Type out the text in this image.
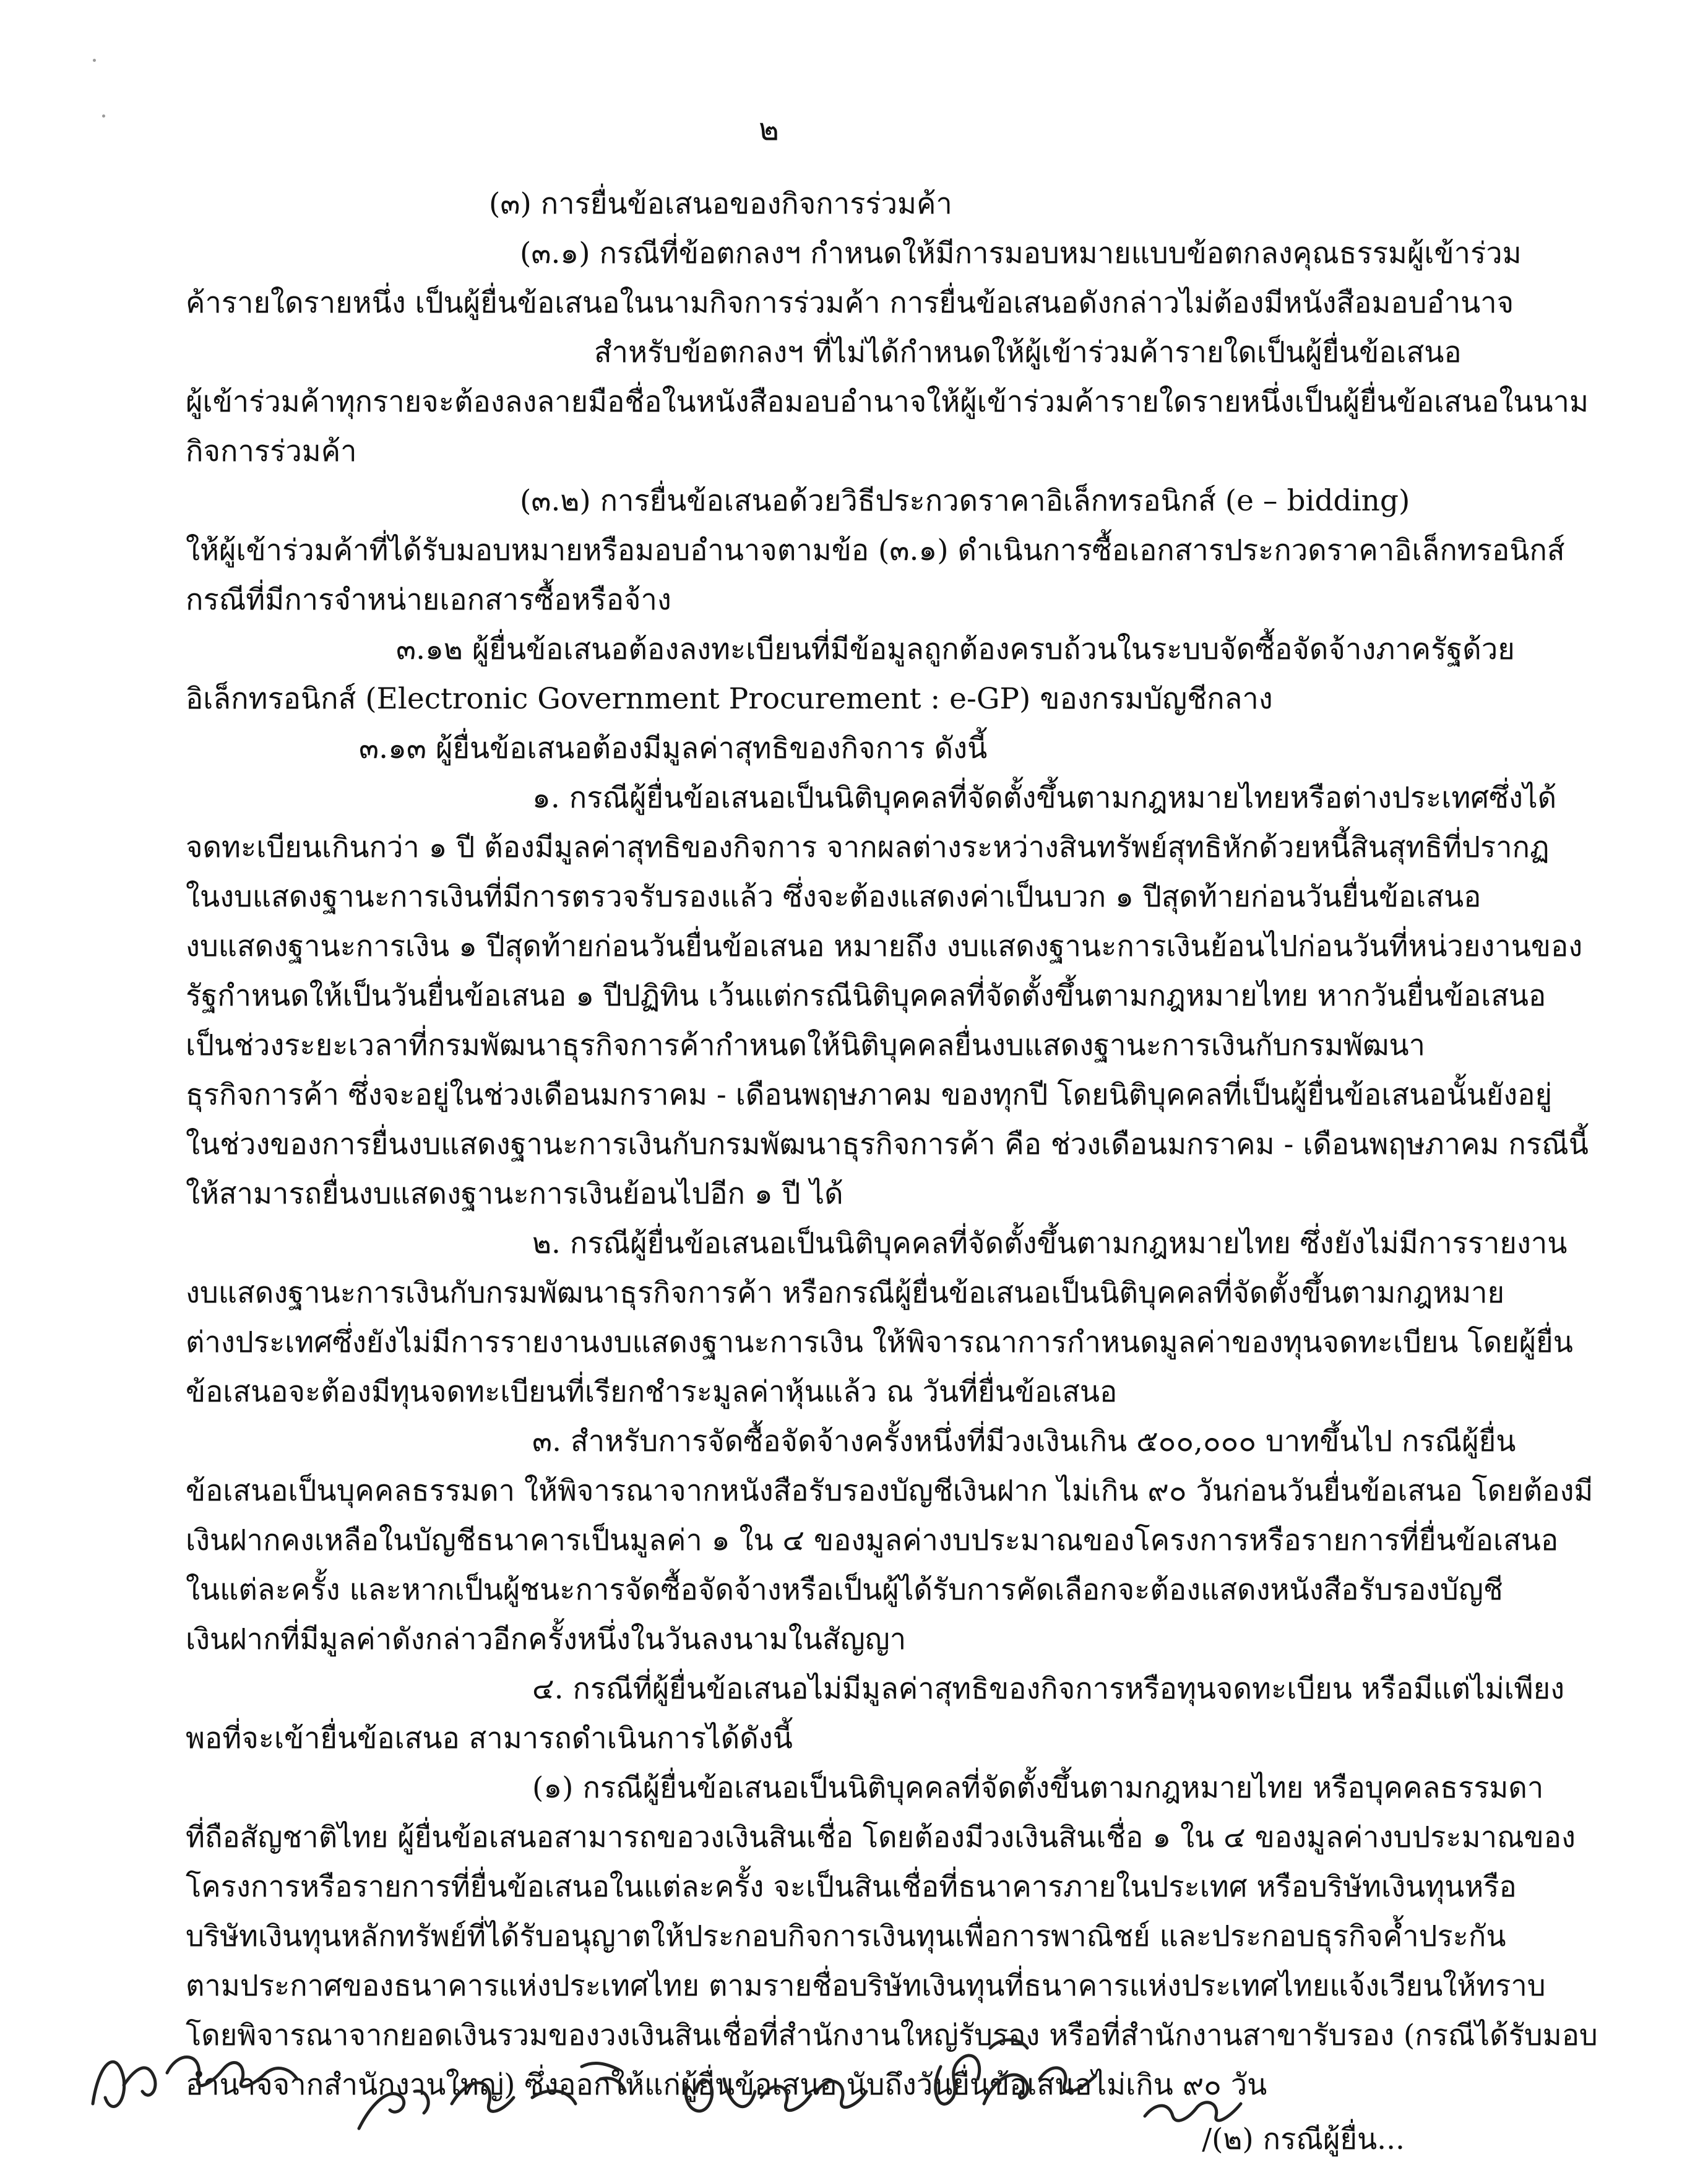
๒
(๓) การยื่นข้อเสนอของกิจการร่วมค้า
(๓.๑) กรณีที่ข้อตกลงฯ กำหนดให้มีการมอบหมายแบบข้อตกลงคุณธรรมผู้เข้าร่วม
ค้ารายใดรายหนึ่ง เป็นผู้ยื่นข้อเสนอในนามกิจการร่วมค้า การยื่นข้อเสนอดังกล่าวไม่ต้องมีหนังสือมอบอำนาจ
สำหรับข้อตกลงฯ ที่ไม่ได้กำหนดให้ผู้เข้าร่วมค้ารายใดเป็นผู้ยื่นข้อเสนอ
ผู้เข้าร่วมค้าทุกรายจะต้องลงลายมือชื่อในหนังสือมอบอำนาจให้ผู้เข้าร่วมค้ารายใดรายหนึ่งเป็นผู้ยื่นข้อเสนอในนาม
กิจการร่วมค้า
(๓.๒) การยื่นข้อเสนอด้วยวิธีประกวดราคาอิเล็กทรอนิกส์ (e – bidding)
ให้ผู้เข้าร่วมค้าที่ได้รับมอบหมายหรือมอบอำนาจตามข้อ (๓.๑) ดำเนินการซื้อเอกสารประกวดราคาอิเล็กทรอนิกส์
กรณีที่มีการจำหน่ายเอกสารซื้อหรือจ้าง
๓.๑๒ ผู้ยื่นข้อเสนอต้องลงทะเบียนที่มีข้อมูลถูกต้องครบถ้วนในระบบจัดซื้อจัดจ้างภาครัฐด้วย
อิเล็กทรอนิกส์ (Electronic Government Procurement : e-GP) ของกรมบัญชีกลาง
๓.๑๓ ผู้ยื่นข้อเสนอต้องมีมูลค่าสุทธิของกิจการ ดังนี้
๑. กรณีผู้ยื่นข้อเสนอเป็นนิติบุคคลที่จัดตั้งขึ้นตามกฎหมายไทยหรือต่างประเทศซึ่งได้
จดทะเบียนเกินกว่า ๑ ปี ต้องมีมูลค่าสุทธิของกิจการ จากผลต่างระหว่างสินทรัพย์สุทธิหักด้วยหนี้สินสุทธิที่ปรากฏ
ในงบแสดงฐานะการเงินที่มีการตรวจรับรองแล้ว ซึ่งจะต้องแสดงค่าเป็นบวก ๑ ปีสุดท้ายก่อนวันยื่นข้อเสนอ
งบแสดงฐานะการเงิน ๑ ปีสุดท้ายก่อนวันยื่นข้อเสนอ หมายถึง งบแสดงฐานะการเงินย้อนไปก่อนวันที่หน่วยงานของ
รัฐกำหนดให้เป็นวันยื่นข้อเสนอ ๑ ปีปฏิทิน เว้นแต่กรณีนิติบุคคลที่จัดตั้งขึ้นตามกฎหมายไทย หากวันยื่นข้อเสนอ
เป็นช่วงระยะเวลาที่กรมพัฒนาธุรกิจการค้ากำหนดให้นิติบุคคลยื่นงบแสดงฐานะการเงินกับกรมพัฒนา
ธุรกิจการค้า ซึ่งจะอยู่ในช่วงเดือนมกราคม - เดือนพฤษภาคม ของทุกปี โดยนิติบุคคลที่เป็นผู้ยื่นข้อเสนอนั้นยังอยู่
ในช่วงของการยื่นงบแสดงฐานะการเงินกับกรมพัฒนาธุรกิจการค้า คือ ช่วงเดือนมกราคม - เดือนพฤษภาคม กรณีนี้
ให้สามารถยื่นงบแสดงฐานะการเงินย้อนไปอีก ๑ ปี ได้
๒. กรณีผู้ยื่นข้อเสนอเป็นนิติบุคคลที่จัดตั้งขึ้นตามกฎหมายไทย ซึ่งยังไม่มีการรายงาน
งบแสดงฐานะการเงินกับกรมพัฒนาธุรกิจการค้า หรือกรณีผู้ยื่นข้อเสนอเป็นนิติบุคคลที่จัดตั้งขึ้นตามกฎหมาย
ต่างประเทศซึ่งยังไม่มีการรายงานงบแสดงฐานะการเงิน ให้พิจารณาการกำหนดมูลค่าของทุนจดทะเบียน โดยผู้ยื่น
ข้อเสนอจะต้องมีทุนจดทะเบียนที่เรียกชำระมูลค่าหุ้นแล้ว ณ วันที่ยื่นข้อเสนอ
๓. สำหรับการจัดซื้อจัดจ้างครั้งหนึ่งที่มีวงเงินเกิน ๕๐๐,๐๐๐ บาทขึ้นไป กรณีผู้ยื่น
ข้อเสนอเป็นบุคคลธรรมดา ให้พิจารณาจากหนังสือรับรองบัญชีเงินฝาก ไม่เกิน ๙๐ วันก่อนวันยื่นข้อเสนอ โดยต้องมี
เงินฝากคงเหลือในบัญชีธนาคารเป็นมูลค่า ๑ ใน ๔ ของมูลค่างบประมาณของโครงการหรือรายการที่ยื่นข้อเสนอ
ในแต่ละครั้ง และหากเป็นผู้ชนะการจัดซื้อจัดจ้างหรือเป็นผู้ได้รับการคัดเลือกจะต้องแสดงหนังสือรับรองบัญชี
เงินฝากที่มีมูลค่าดังกล่าวอีกครั้งหนึ่งในวันลงนามในสัญญา
๔. กรณีที่ผู้ยื่นข้อเสนอไม่มีมูลค่าสุทธิของกิจการหรือทุนจดทะเบียน หรือมีแต่ไม่เพียง
พอที่จะเข้ายื่นข้อเสนอ สามารถดำเนินการได้ดังนี้
(๑) กรณีผู้ยื่นข้อเสนอเป็นนิติบุคคลที่จัดตั้งขึ้นตามกฎหมายไทย หรือบุคคลธรรมดา
ที่ถือสัญชาติไทย ผู้ยื่นข้อเสนอสามารถขอวงเงินสินเชื่อ โดยต้องมีวงเงินสินเชื่อ ๑ ใน ๔ ของมูลค่างบประมาณของ
โครงการหรือรายการที่ยื่นข้อเสนอในแต่ละครั้ง จะเป็นสินเชื่อที่ธนาคารภายในประเทศ หรือบริษัทเงินทุนหรือ
บริษัทเงินทุนหลักทรัพย์ที่ได้รับอนุญาตให้ประกอบกิจการเงินทุนเพื่อการพาณิชย์ และประกอบธุรกิจค้ำประกัน
ตามประกาศของธนาคารแห่งประเทศไทย ตามรายชื่อบริษัทเงินทุนที่ธนาคารแห่งประเทศไทยแจ้งเวียนให้ทราบ
โดยพิจารณาจากยอดเงินรวมของวงเงินสินเชื่อที่สำนักงานใหญ่รับรอง หรือที่สำนักงานสาขารับรอง (กรณีได้รับมอบ
อำนาจจากสำนักงานใหญ่) ซึ่งออกให้แก่ผู้ยื่นข้อเสนอ นับถึงวันยื่นข้อเสนอไม่เกิน ๙๐ วัน
/(๒) กรณีผู้ยื่น...
